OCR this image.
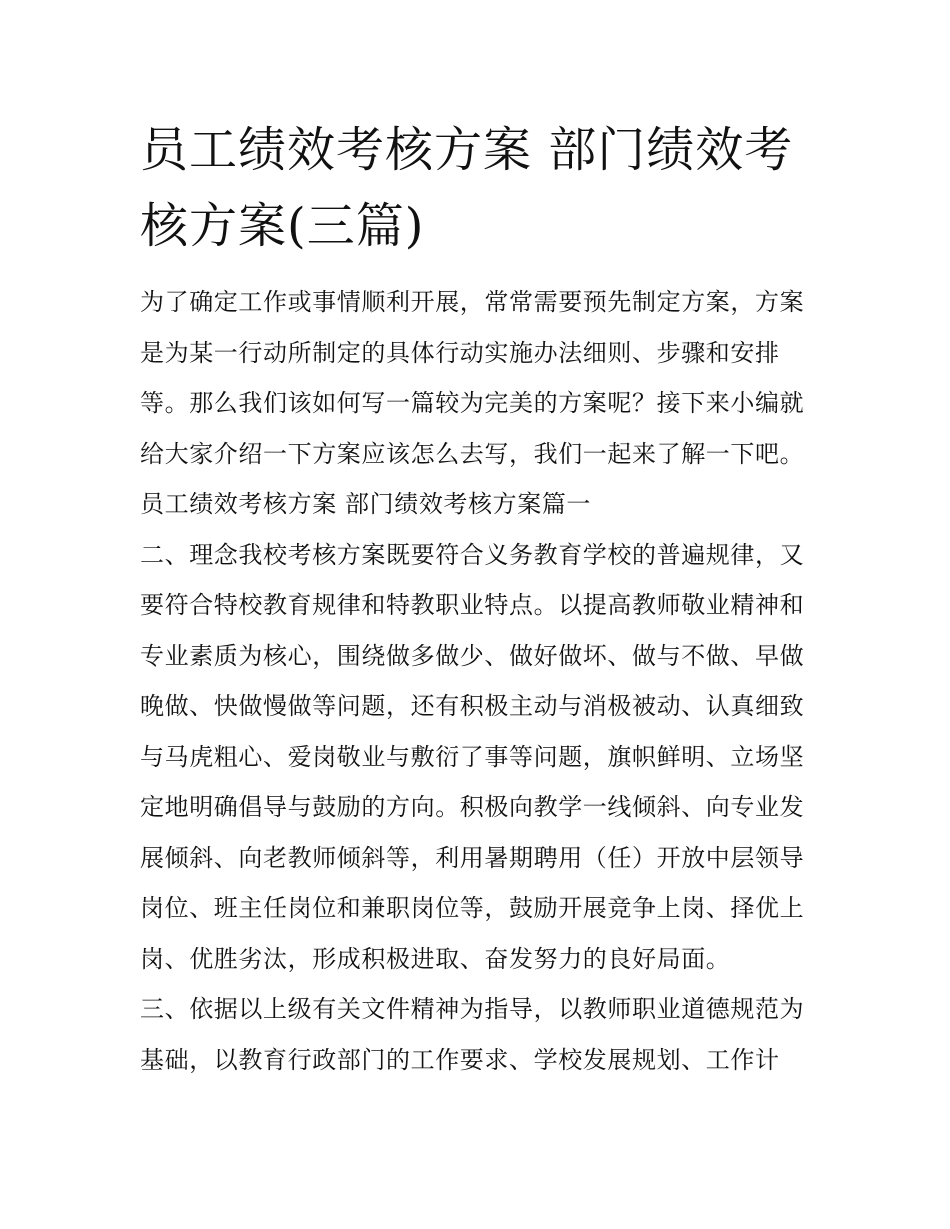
员工绩效考核方案 部门绩效考
核方案(三篇)
为了确定工作或事情顺利开展，常常需要预先制定方案，方案
是为某一行动所制定的具体行动实施办法细则、步骤和安排
等。那么我们该如何写一篇较为完美的方案呢？接下来小编就
给大家介绍一下方案应该怎么去写，我们一起来了解一下吧。
员工绩效考核方案 部门绩效考核方案篇一
二、理念我校考核方案既要符合义务教育学校的普遍规律，又
要符合特校教育规律和特教职业特点。以提高教师敬业精神和
专业素质为核心，围绕做多做少、做好做坏、做与不做、早做
晚做、快做慢做等问题，还有积极主动与消极被动、认真细致
与马虎粗心、爱岗敬业与敷衍了事等问题，旗帜鲜明、立场坚
定地明确倡导与鼓励的方向。积极向教学一线倾斜、向专业发
展倾斜、向老教师倾斜等，利用暑期聘用（任）开放中层领导
岗位、班主任岗位和兼职岗位等，鼓励开展竞争上岗、择优上
岗、优胜劣汰，形成积极进取、奋发努力的良好局面。
三、依据以上级有关文件精神为指导，以教师职业道德规范为
基础，以教育行政部门的工作要求、学校发展规划、工作计
